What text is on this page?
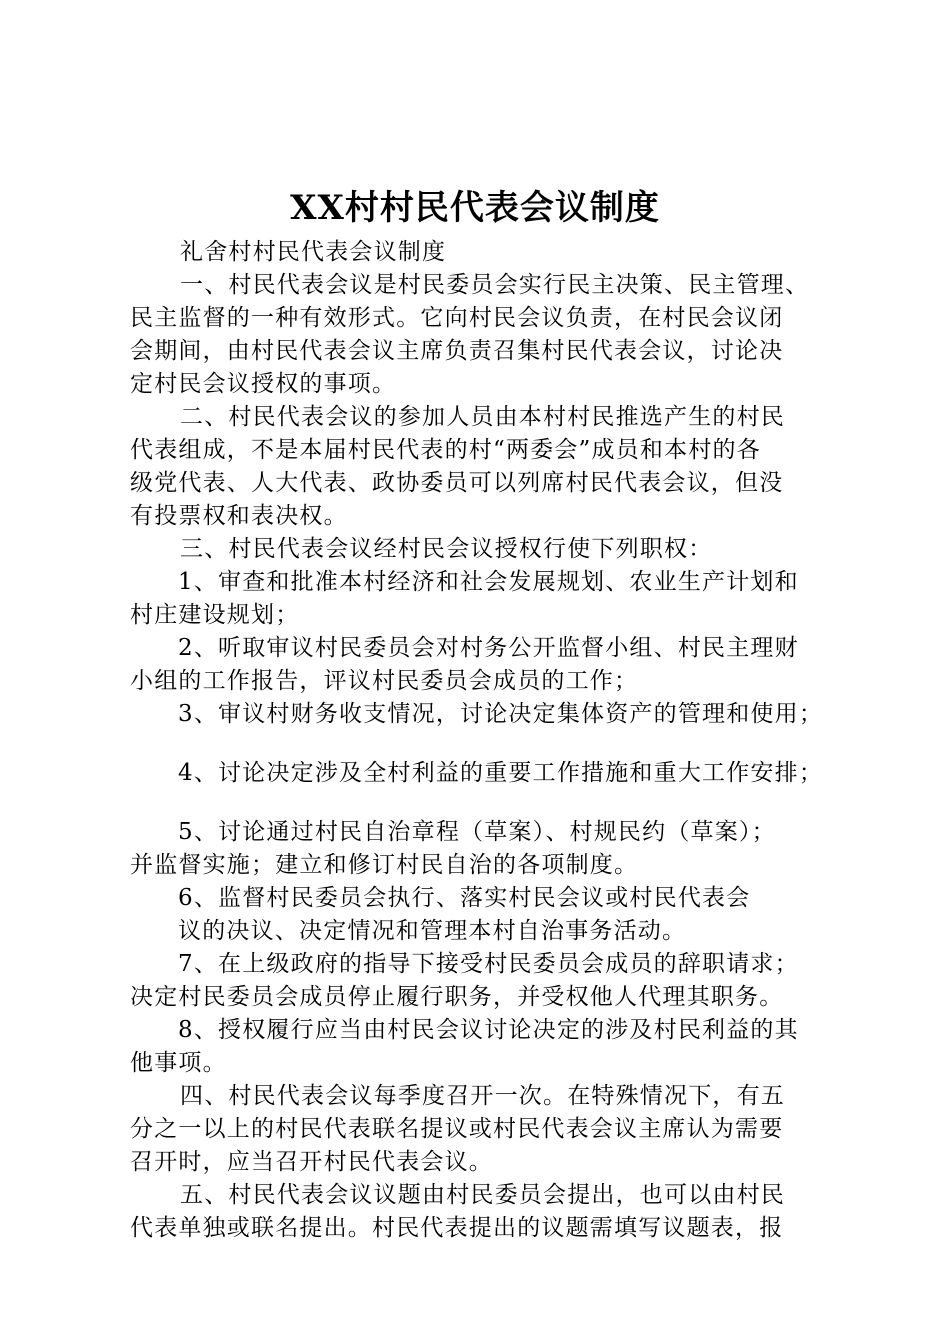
XX村村民代表会议制度
礼舍村村民代表会议制度
一、村民代表会议是村民委员会实行民主决策、民主管理、
民主监督的一种有效形式。它向村民会议负责，在村民会议闭
会期间，由村民代表会议主席负责召集村民代表会议，讨论决
定村民会议授权的事项。
二、村民代表会议的参加人员由本村村民推选产生的村民
代表组成，不是本届村民代表的村“两委会”成员和本村的各
级党代表、人大代表、政协委员可以列席村民代表会议，但没
有投票权和表决权。
三、村民代表会议经村民会议授权行使下列职权：
1、审查和批准本村经济和社会发展规划、农业生产计划和
村庄建设规划；
2、听取审议村民委员会对村务公开监督小组、村民主理财
小组的工作报告，评议村民委员会成员的工作；
3、审议村财务收支情况，讨论决定集体资产的管理和使用；
4、讨论决定涉及全村利益的重要工作措施和重大工作安排；
5、讨论通过村民自治章程（草案）、村规民约（草案）；
并监督实施；建立和修订村民自治的各项制度。
6、监督村民委员会执行、落实村民会议或村民代表会
议的决议、决定情况和管理本村自治事务活动。
7、在上级政府的指导下接受村民委员会成员的辞职请求；
决定村民委员会成员停止履行职务，并受权他人代理其职务。
8、授权履行应当由村民会议讨论决定的涉及村民利益的其
他事项。
四、村民代表会议每季度召开一次。在特殊情况下，有五
分之一以上的村民代表联名提议或村民代表会议主席认为需要
召开时，应当召开村民代表会议。
五、村民代表会议议题由村民委员会提出，也可以由村民
代表单独或联名提出。村民代表提出的议题需填写议题表，报
